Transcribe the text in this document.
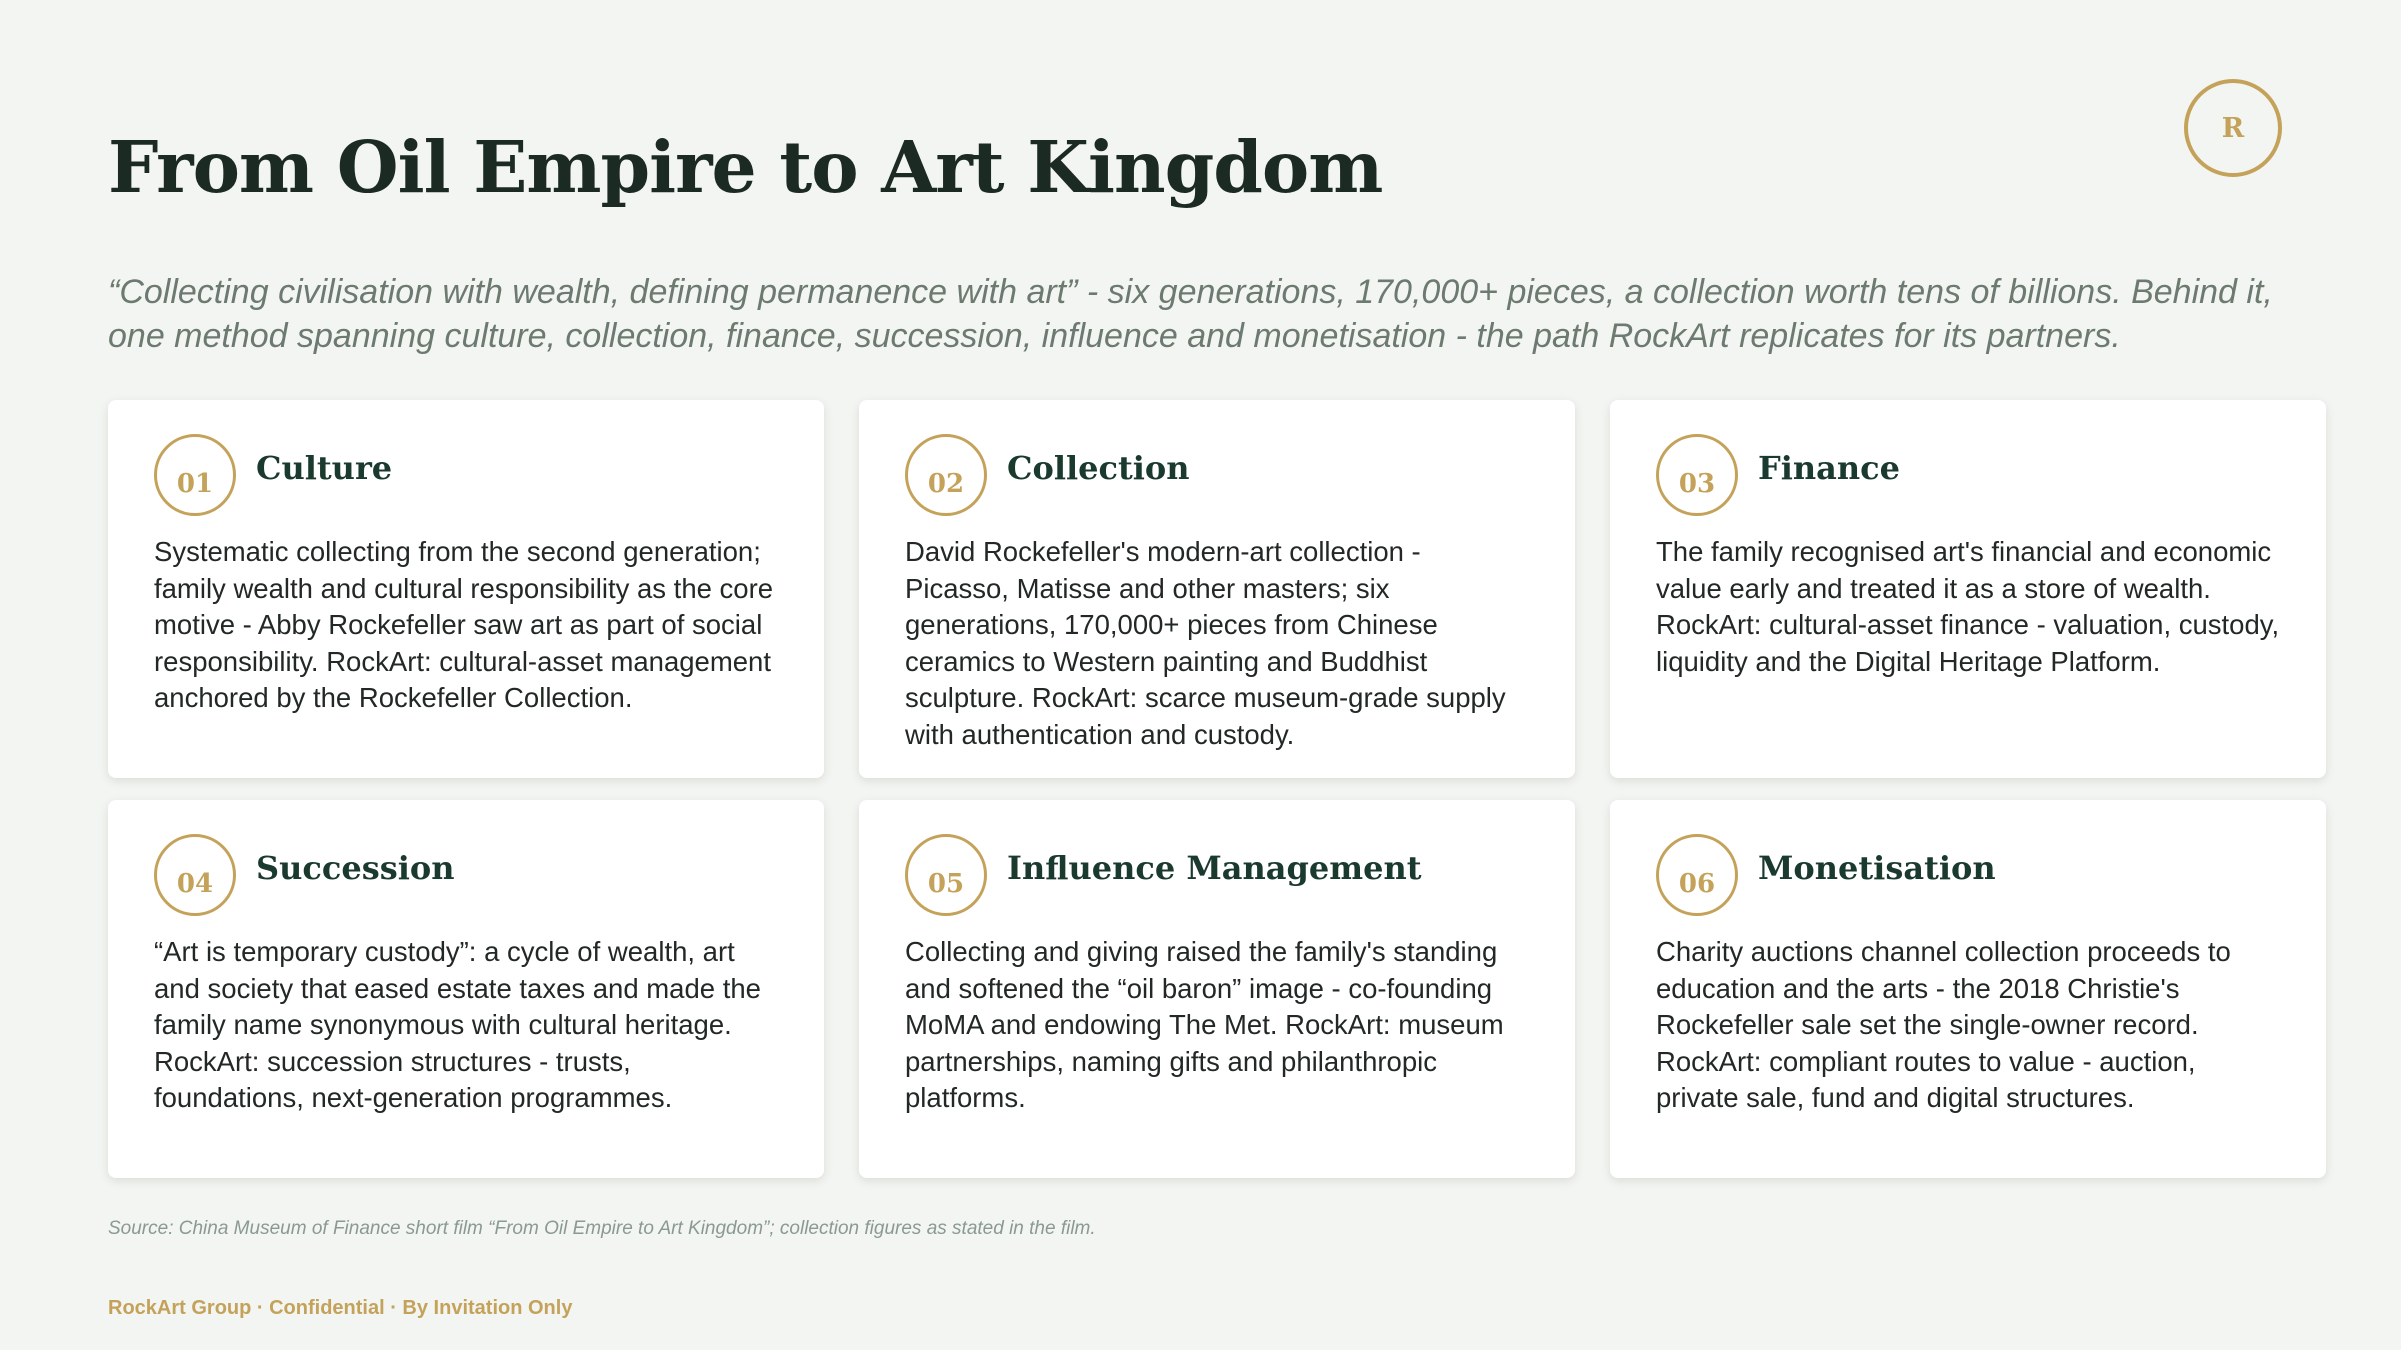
R
From Oil Empire to Art Kingdom

“Collecting civilisation with wealth, defining permanence with art” - six generations, 170,000+ pieces, a collection worth tens of billions. Behind it, one method spanning culture, collection, finance, succession, influence and monetisation - the path RockArt replicates for its partners.

01	Culture

Systematic collecting from the second generation; family wealth and cultural responsibility as the core motive - Abby Rockefeller saw art as part of social responsibility. RockArt: cultural-asset management anchored by the Rockefeller Collection.

02	Collection

David Rockefeller's modern-art collection - Picasso, Matisse and other masters; six generations, 170,000+ pieces from Chinese ceramics to Western painting and Buddhist sculpture. RockArt: scarce museum-grade supply with authentication and custody.

03	Finance

The family recognised art's financial and economic value early and treated it as a store of wealth. RockArt: cultural-asset finance - valuation, custody, liquidity and the Digital Heritage Platform.

04	Succession

“Art is temporary custody”: a cycle of wealth, art and society that eased estate taxes and made the family name synonymous with cultural heritage. RockArt: succession structures - trusts, foundations, next-generation programmes.

05	Influence Management

Collecting and giving raised the family's standing and softened the “oil baron” image - co-founding MoMA and endowing The Met. RockArt: museum partnerships, naming gifts and philanthropic platforms.

06	Monetisation

Charity auctions channel collection proceeds to education and the arts - the 2018 Christie's Rockefeller sale set the single-owner record. RockArt: compliant routes to value - auction, private sale, fund and digital structures.

Source: China Museum of Finance short film “From Oil Empire to Art Kingdom”; collection figures as stated in the film.

RockArt Group · Confidential · By Invitation Only
